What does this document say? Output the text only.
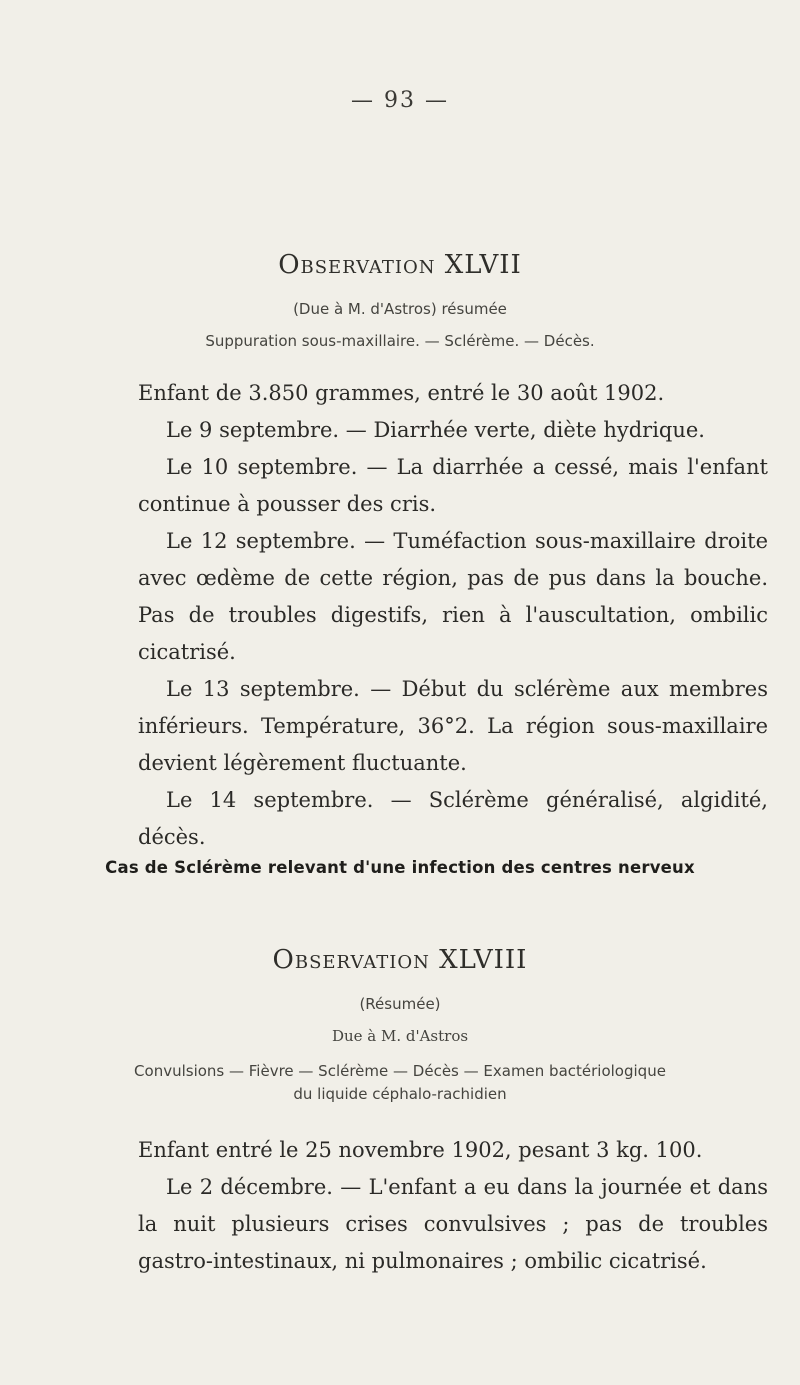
— 93 —
Observation XLVII
(Due à M. d'Astros) résumée
Suppuration sous-maxillaire. — Sclérème. — Décès.

Enfant de 3.850 grammes, entré le 30 août 1902.

Le 9 septembre. — Diarrhée verte, diète hydrique.

Le 10 septembre. — La diarrhée a cessé, mais l'enfant continue à pousser des cris.

Le 12 septembre. — Tuméfaction sous-maxillaire droite avec œdème de cette région, pas de pus dans la bouche. Pas de troubles digestifs, rien à l'auscultation, ombilic cicatrisé.

Le 13 septembre. — Début du sclérème aux membres inférieurs. Température, 36°2. La région sous-maxillaire devient légèrement fluctuante.

Le 14 septembre. — Sclérème généralisé, algidité, décès.

Cas de Sclérème relevant d'une infection des centres nerveux
Observation XLVIII
(Résumée)
Due à M. d'Astros
Convulsions — Fièvre — Sclérème — Décès — Examen bactériologique
du liquide céphalo-rachidien

Enfant entré le 25 novembre 1902, pesant 3 kg. 100.

Le 2 décembre. — L'enfant a eu dans la journée et dans la nuit plusieurs crises convulsives ; pas de troubles gastro-intestinaux, ni pulmonaires ; ombilic cicatrisé.
